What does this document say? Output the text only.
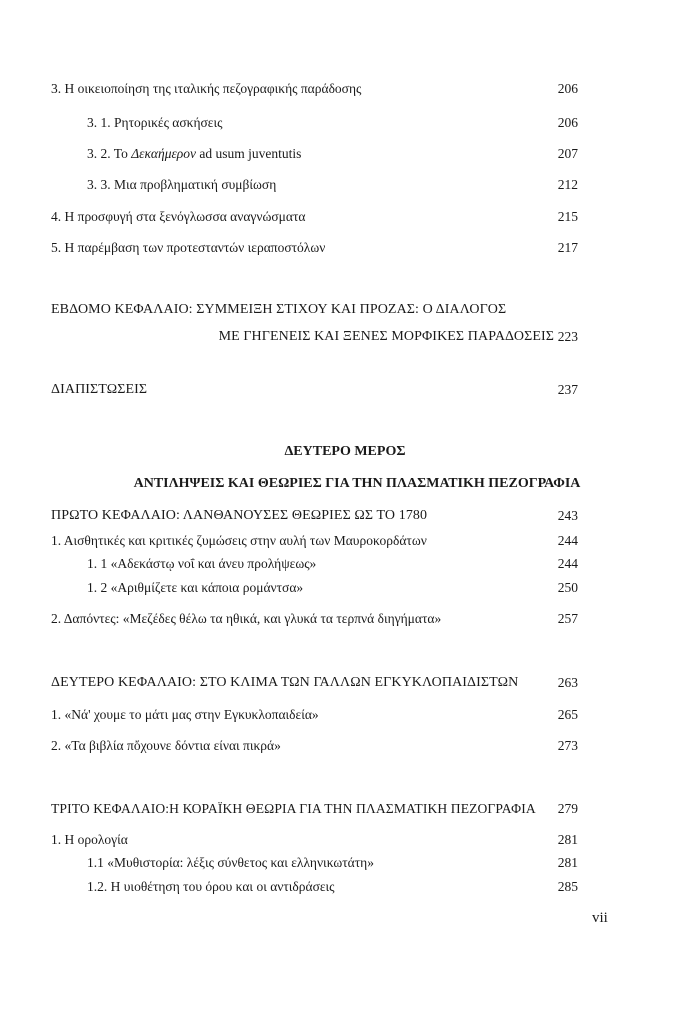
3. Η οικειοποίηση της ιταλικής πεζογραφικής παράδοσης	206
3. 1. Ρητορικές ασκήσεις	206
3. 2. Το Δεκαήμερον ad usum juventutis	207
3. 3. Μια προβληματική συμβίωση	212
4. Η προσφυγή στα ξενόγλωσσα αναγνώσματα	215
5. Η παρέμβαση των προτεσταντών ιεραποστόλων	217
ΕΒΔΟΜΟ ΚΕΦΑΛΑΙΟ: ΣΥΜΜΕΙΞΗ ΣΤΙΧΟΥ ΚΑΙ ΠΡΟΖΑΣ: Ο ΔΙΑΛΟΓΟΣ
ΜΕ ΓΗΓΕΝΕΙΣ ΚΑΙ ΞΕΝΕΣ ΜΟΡΦΙΚΕΣ ΠΑΡΑΔΟΣΕΙΣ 223
ΔΙΑΠΙΣΤΩΣΕΙΣ	237
ΔΕΥΤΕΡΟ ΜΕΡΟΣ
ΑΝΤΙΛΗΨΕΙΣ ΚΑΙ ΘΕΩΡΙΕΣ ΓΙΑ ΤΗΝ ΠΛΑΣΜΑΤΙΚΗ ΠΕΖΟΓΡΑΦΙΑ
ΠΡΩΤΟ ΚΕΦΑΛΑΙΟ: ΛΑΝΘΑΝΟΥΣΕΣ ΘΕΩΡΙΕΣ ΩΣ ΤΟ 1780	243
1. Αισθητικές και κριτικές ζυμώσεις στην αυλή των Μαυροκορδάτων	244
1. 1 «Αδεκάστῳ νοΐ και άνευ προλήψεως»	244
1. 2 «Αριθμίζετε και κάποια ρομάντσα»	250
2. Δαπόντες: «Μεζέδες θέλω τα ηθικά, και γλυκά τα τερπνά διηγήματα»	257
ΔΕΥΤΕΡΟ ΚΕΦΑΛΑΙΟ: ΣΤΟ ΚΛΙΜΑ ΤΩΝ ΓΑΛΛΩΝ ΕΓΚΥΚΛΟΠΑΙΔΙΣΤΩΝ	263
1. «Νά' χουμε το μάτι μας στην Εγκυκλοπαιδεία»	265
2. «Τα βιβλία πὄχουνε δόντια είναι πικρά»	273
ΤΡΙΤΟ ΚΕΦΑΛΑΙΟ:Η ΚΟΡΑΪΚΗ ΘΕΩΡΙΑ ΓΙΑ ΤΗΝ ΠΛΑΣΜΑΤΙΚΗ ΠΕΖΟΓΡΑΦΙΑ 279
1. Η ορολογία	281
1.1 «Μυθιστορία: λέξις σύνθετος και ελληνικωτάτη»	281
1.2. Η υιοθέτηση του όρου και οι αντιδράσεις	285
vii
